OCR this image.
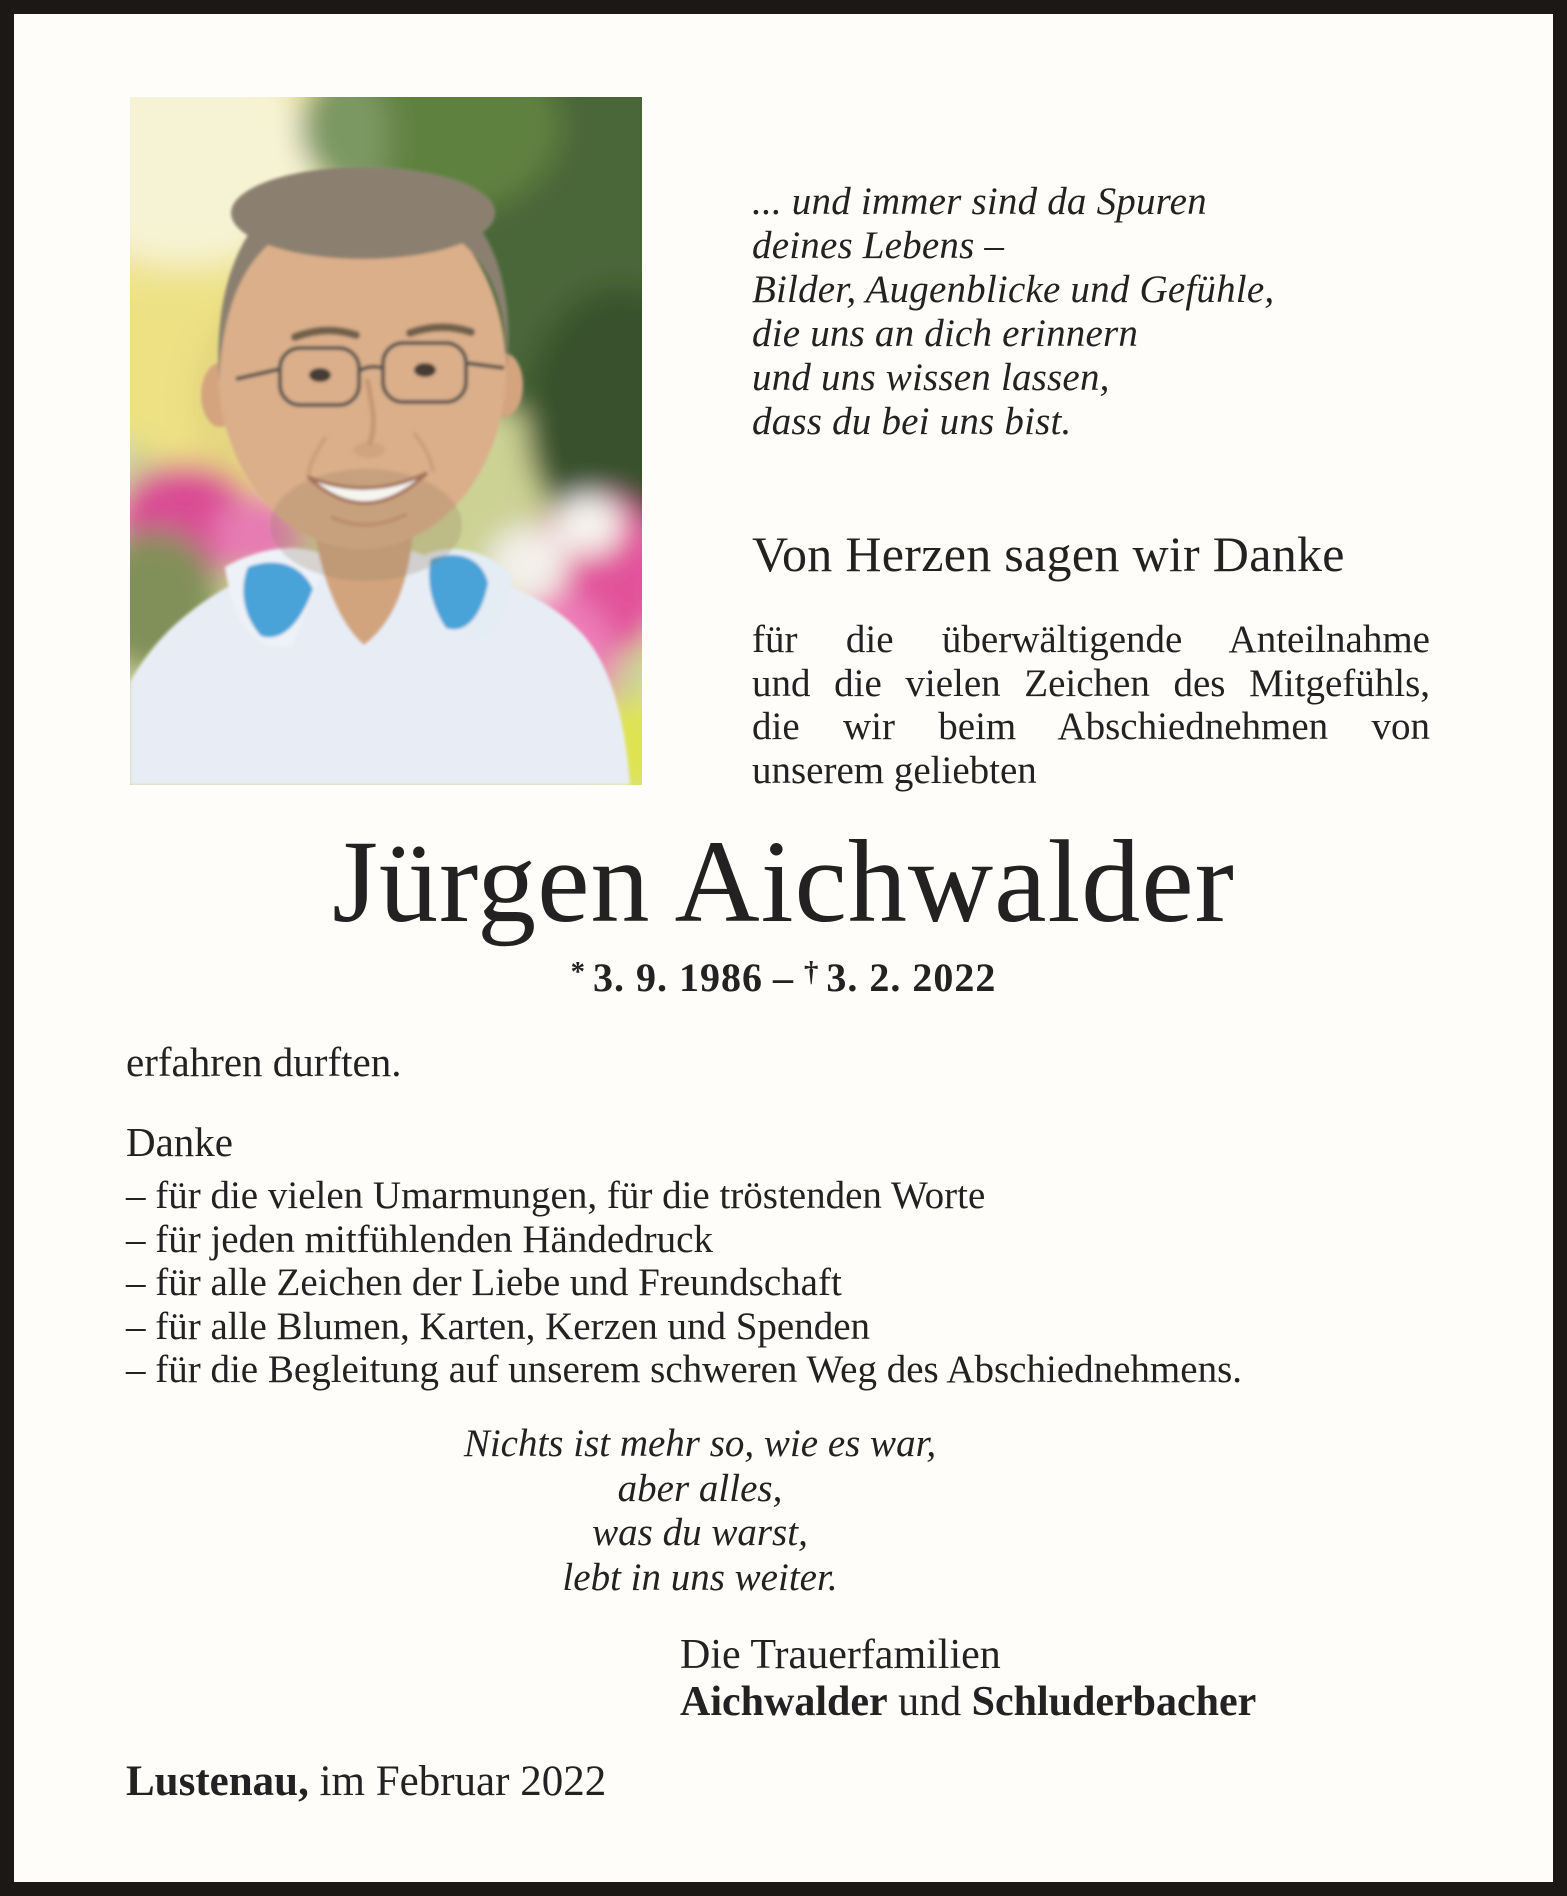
... und immer sind da Spuren
deines Lebens –
Bilder, Augenblicke und Gefühle,
die uns an dich erinnern
und uns wissen lassen,
dass du bei uns bist.
Von Herzen sagen wir Danke
für die überwältigende Anteilnahme
und die vielen Zeichen des Mitgefühls,
die wir beim Abschiednehmen von
unserem geliebten
Jürgen Aichwalder
* 3. 9. 1986 – † 3. 2. 2022
erfahren durften.
Danke
– für die vielen Umarmungen, für die tröstenden Worte
– für jeden mitfühlenden Händedruck
– für alle Zeichen der Liebe und Freundschaft
– für alle Blumen, Karten, Kerzen und Spenden
– für die Begleitung auf unserem schweren Weg des Abschiednehmens.
Nichts ist mehr so, wie es war,
aber alles,
was du warst,
lebt in uns weiter.
Die Trauerfamilien
Aichwalder und Schluderbacher
Lustenau, im Februar 2022
